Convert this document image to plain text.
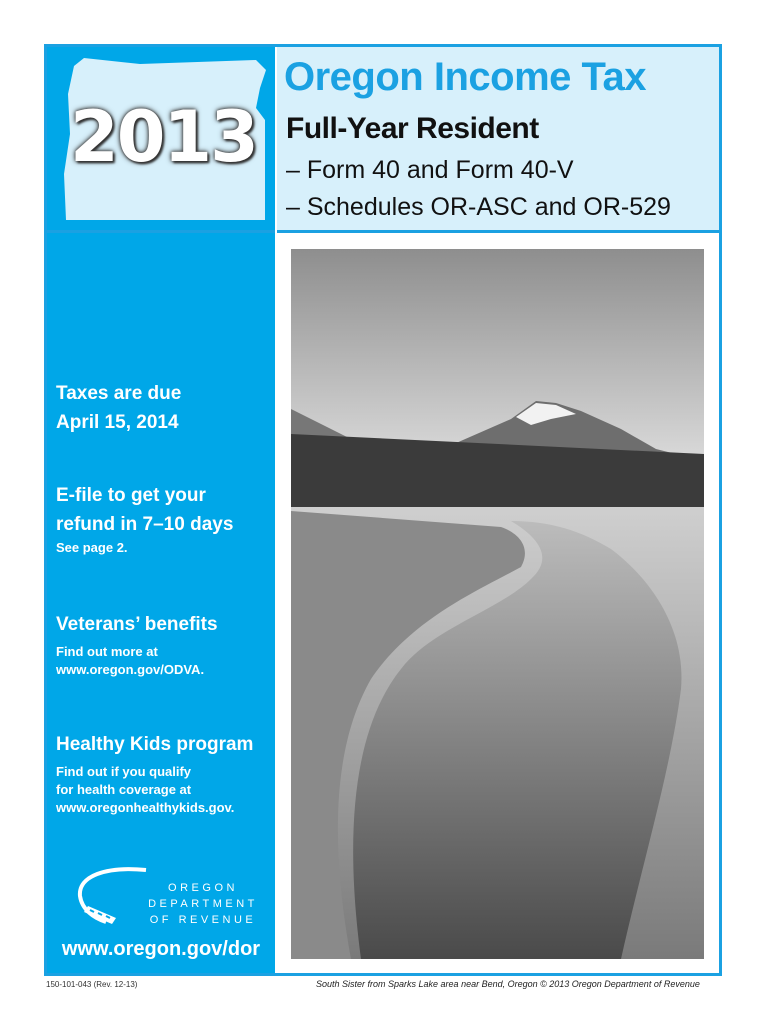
2013
Oregon Income Tax
Full-Year Resident
– Form 40 and Form 40-V
– Schedules OR-ASC and OR-529
Taxes are due
April 15, 2014
E-file to get your
refund in 7–10 days
See page 2.
Veterans’ benefits
Find out more at
www.oregon.gov/ODVA.
Healthy Kids program
Find out if you qualify
for health coverage at
www.oregonhealthykids.gov.
OREGON
DEPARTMENT
OF REVENUE
www.oregon.gov/dor
150-101-043 (Rev. 12-13)	South Sister from Sparks Lake area near Bend, Oregon © 2013 Oregon Department of Revenue
